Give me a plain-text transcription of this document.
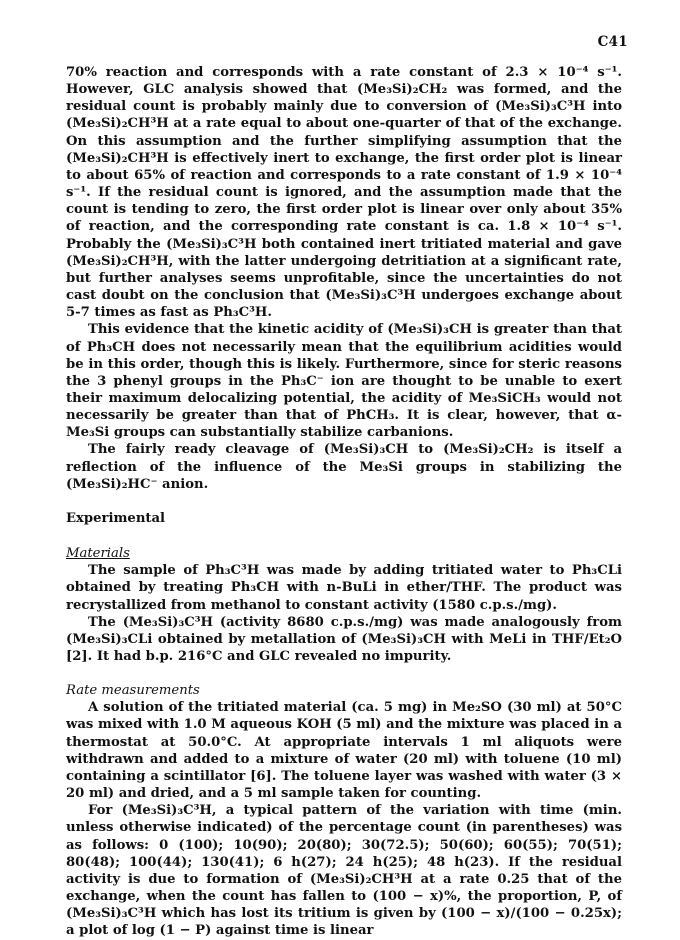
C41

70% reaction and corresponds with a rate constant of 2.3 × 10⁻⁴ s⁻¹. However, GLC analysis showed that (Me₃Si)₂CH₂ was formed, and the residual count is probably mainly due to conversion of (Me₃Si)₃C³H into (Me₃Si)₂CH³H at a rate equal to about one-quarter of that of the exchange. On this assumption and the further simplifying assumption that the (Me₃Si)₂CH³H is effectively inert to exchange, the first order plot is linear to about 65% of reaction and corresponds to a rate constant of 1.9 × 10⁻⁴ s⁻¹. If the residual count is ignored, and the assumption made that the count is tending to zero, the first order plot is linear over only about 35% of reaction, and the corresponding rate constant is ca. 1.8 × 10⁻⁴ s⁻¹. Probably the (Me₃Si)₃C³H both contained inert tritiated material and gave (Me₃Si)₂CH³H, with the latter undergoing detritiation at a significant rate, but further analyses seems unprofitable, since the uncertainties do not cast doubt on the conclusion that (Me₃Si)₃C³H undergoes exchange about 5-7 times as fast as Ph₃C³H.

This evidence that the kinetic acidity of (Me₃Si)₃CH is greater than that of Ph₃CH does not necessarily mean that the equilibrium acidities would be in this order, though this is likely. Furthermore, since for steric reasons the 3 phenyl groups in the Ph₃C⁻ ion are thought to be unable to exert their maximum delocalizing potential, the acidity of Me₃SiCH₃ would not necessarily be greater than that of PhCH₃. It is clear, however, that α-Me₃Si groups can substantially stabilize carbanions.

The fairly ready cleavage of (Me₃Si)₃CH to (Me₃Si)₂CH₂ is itself a reflection of the influence of the Me₃Si groups in stabilizing the (Me₃Si)₂HC⁻ anion.

Experimental
Materials

The sample of Ph₃C³H was made by adding tritiated water to Ph₃CLi obtained by treating Ph₃CH with n-BuLi in ether/THF. The product was recrystallized from methanol to constant activity (1580 c.p.s./mg).

The (Me₃Si)₃C³H (activity 8680 c.p.s./mg) was made analogously from (Me₃Si)₃CLi obtained by metallation of (Me₃Si)₃CH with MeLi in THF/Et₂O [2]. It had b.p. 216°C and GLC revealed no impurity.

Rate measurements

A solution of the tritiated material (ca. 5 mg) in Me₂SO (30 ml) at 50°C was mixed with 1.0 M aqueous KOH (5 ml) and the mixture was placed in a thermostat at 50.0°C. At appropriate intervals 1 ml aliquots were withdrawn and added to a mixture of water (20 ml) with toluene (10 ml) containing a scintillator [6]. The toluene layer was washed with water (3 × 20 ml) and dried, and a 5 ml sample taken for counting.

For (Me₃Si)₃C³H, a typical pattern of the variation with time (min. unless otherwise indicated) of the percentage count (in parentheses) was as follows: 0 (100); 10(90); 20(80); 30(72.5); 50(60); 60(55); 70(51); 80(48); 100(44); 130(41); 6 h(27); 24 h(25); 48 h(23). If the residual activity is due to formation of (Me₃Si)₂CH³H at a rate 0.25 that of the exchange, when the count has fallen to (100 − x)%, the proportion, P, of (Me₃Si)₃C³H which has lost its tritium is given by (100 − x)/(100 − 0.25x); a plot of log (1 − P) against time is linear
